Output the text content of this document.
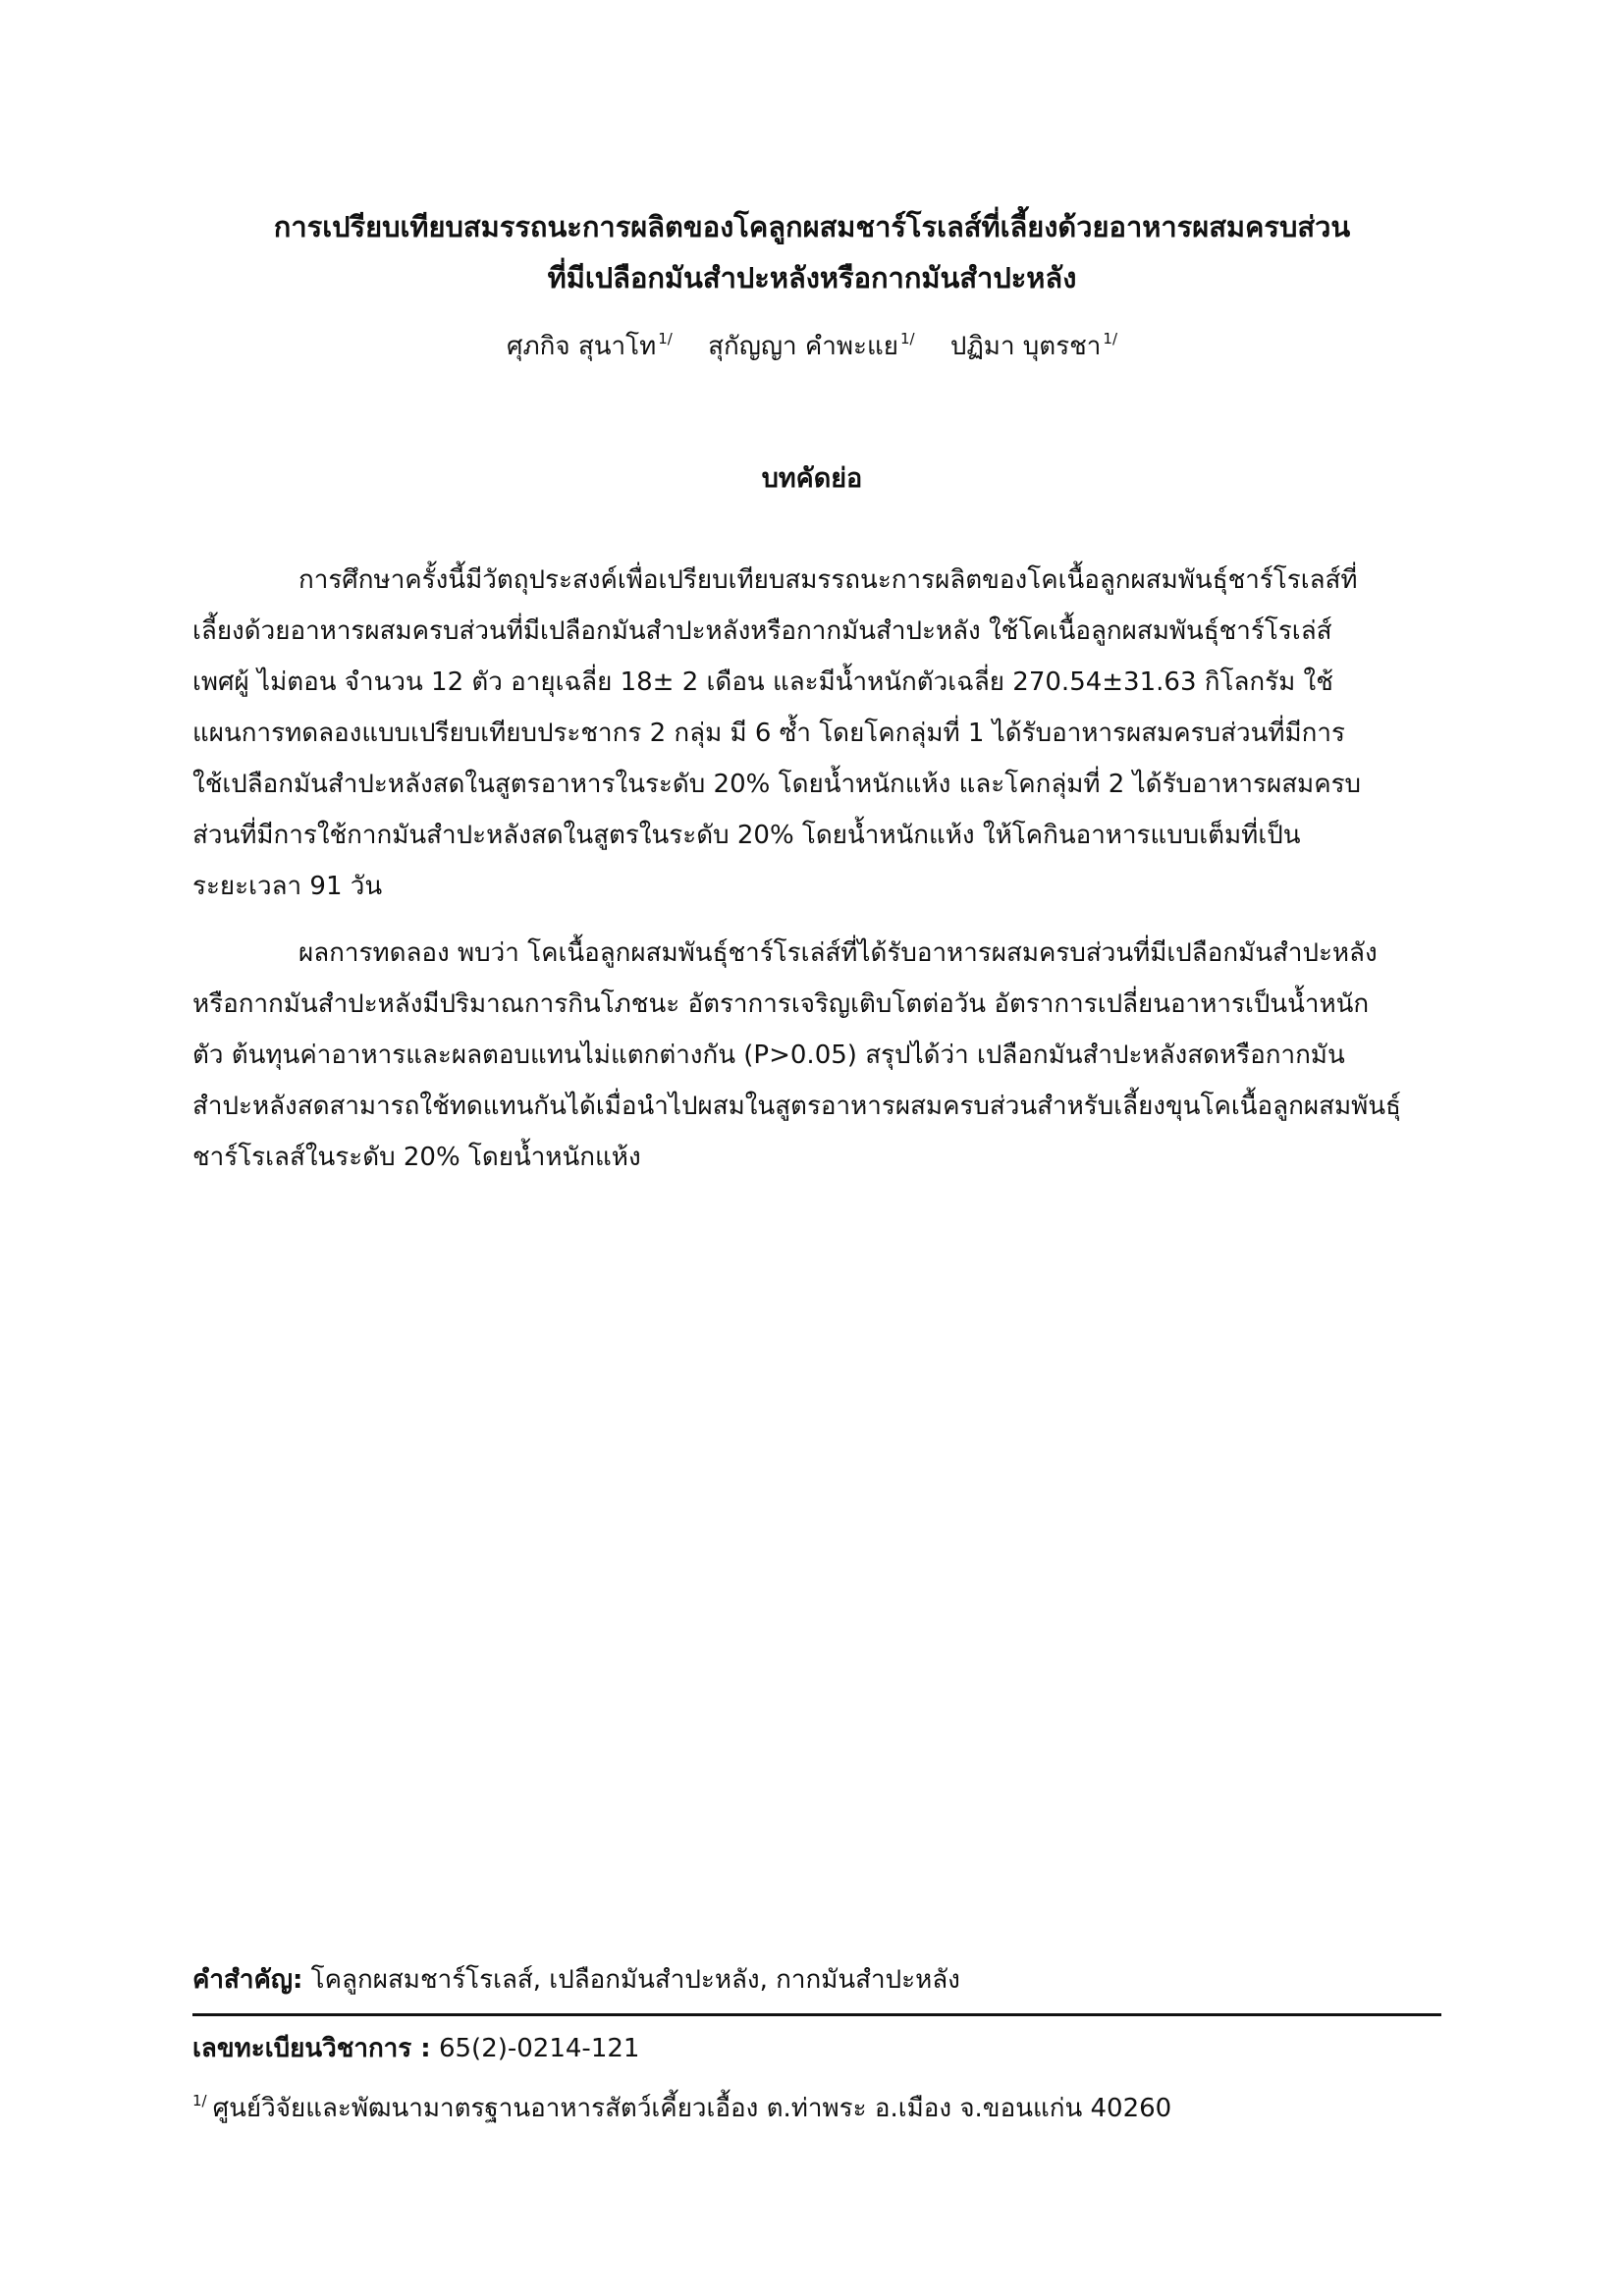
การเปรียบเทียบสมรรถนะการผลิตของโคลูกผสมชาร์โรเลส์ที่เลี้ยงด้วยอาหารผสมครบส่วน
ที่มีเปลือกมันสำปะหลังหรือกากมันสำปะหลัง
ศุภกิจ สุนาโท $^{1/}$ สุกัญญา คำพะแย $^{1/}$ ปฏิมา บุตรชา $^{1/}$
บทคัดย่อ
การศึกษาครั้งนี้มีวัตถุประสงค์เพื่อเปรียบเทียบสมรรถนะการผลิตของโคเนื้อลูกผสมพันธุ์ชาร์โรเลส์ที่
เลี้ยงด้วยอาหารผสมครบส่วนที่มีเปลือกมันสำปะหลังหรือกากมันสำปะหลัง ใช้โคเนื้อลูกผสมพันธุ์ชาร์โรเล่ส์
เพศผู้ ไม่ตอน จำนวน 12 ตัว อายุเฉลี่ย 18± 2 เดือน และมีน้ำหนักตัวเฉลี่ย 270.54±31.63 กิโลกรัม ใช้
แผนการทดลองแบบเปรียบเทียบประชากร 2 กลุ่ม มี 6 ซ้ำ โดยโคกลุ่มที่ 1 ได้รับอาหารผสมครบส่วนที่มีการ
ใช้เปลือกมันสำปะหลังสดในสูตรอาหารในระดับ 20% โดยน้ำหนักแห้ง และโคกลุ่มที่ 2 ได้รับอาหารผสมครบ
ส่วนที่มีการใช้กากมันสำปะหลังสดในสูตรในระดับ 20% โดยน้ำหนักแห้ง ให้โคกินอาหารแบบเต็มที่เป็น
ระยะเวลา 91 วัน
ผลการทดลอง พบว่า โคเนื้อลูกผสมพันธุ์ชาร์โรเล่ส์ที่ได้รับอาหารผสมครบส่วนที่มีเปลือกมันสำปะหลัง
หรือกากมันสำปะหลังมีปริมาณการกินโภชนะ อัตราการเจริญเติบโตต่อวัน อัตราการเปลี่ยนอาหารเป็นน้ำหนัก
ตัว ต้นทุนค่าอาหารและผลตอบแทนไม่แตกต่างกัน (P>0.05) สรุปได้ว่า เปลือกมันสำปะหลังสดหรือกากมัน
สำปะหลังสดสามารถใช้ทดแทนกันได้เมื่อนำไปผสมในสูตรอาหารผสมครบส่วนสำหรับเลี้ยงขุนโคเนื้อลูกผสมพันธุ์
ชาร์โรเลส์ในระดับ 20% โดยน้ำหนักแห้ง
คำสำคัญ: โคลูกผสมชาร์โรเลส์, เปลือกมันสำปะหลัง, กากมันสำปะหลัง
เลขทะเบียนวิชาการ : 65(2)-0214-121
$^{1/}$ ศูนย์วิจัยและพัฒนามาตรฐานอาหารสัตว์เคี้ยวเอื้อง ต.ท่าพระ อ.เมือง จ.ขอนแก่น 40260
